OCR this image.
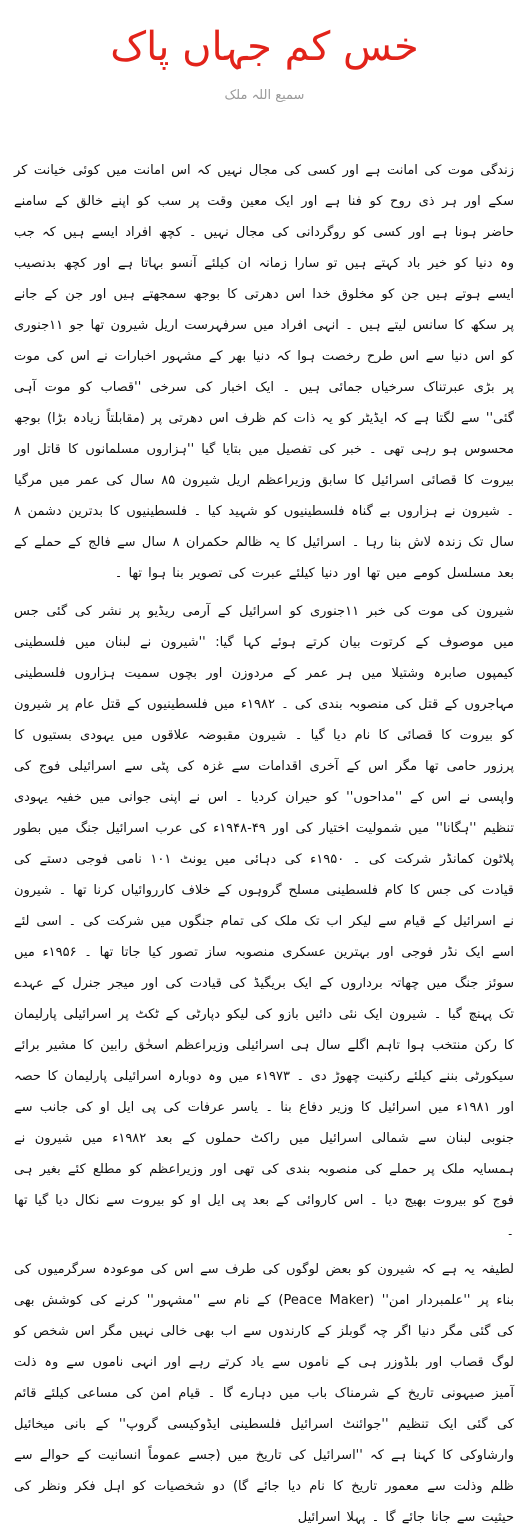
خس کم جہاں پاک
سمیع اللہ ملک

زندگی موت کی امانت ہے اور کسی کی مجال نہیں کہ اس امانت میں کوئی خیانت کر سکے اور ہر ذی روح کو فنا ہے اور ایک معین وقت پر سب کو اپنے خالق کے سامنے حاضر ہونا ہے اور کسی کو روگردانی کی مجال نہیں ۔ کچھ افراد ایسے ہیں کہ جب وہ دنیا کو خیر باد کہتے ہیں تو سارا زمانہ ان کیلئے آنسو بہاتا ہے اور کچھ بدنصیب ایسے ہوتے ہیں جن کو مخلوق خدا اس دھرتی کا بوجھ سمجھتے ہیں اور جن کے جانے پر سکھ کا سانس لیتے ہیں ۔ انہی افراد میں سرفہرست اریل شیرون تھا جو ۱۱جنوری کو اس دنیا سے اس طرح رخصت ہوا کہ دنیا بھر کے مشہور اخبارات نے اس کی موت پر بڑی عبرتناک سرخیاں جمائی ہیں ۔ ایک اخبار کی سرخی ''قصاب کو موت آہی گئی'' سے لگتا ہے کہ ایڈیٹر کو یہ ذات کم ظرف اس دھرتی پر (مقابلتاً زیادہ بڑا) بوجھ محسوس ہو رہی تھی ۔ خبر کی تفصیل میں بتایا گیا ''ہزاروں مسلمانوں کا قاتل اور بیروت کا قصائی اسرائیل کا سابق وزیراعظم اریل شیرون ۸۵ سال کی عمر میں مرگیا ۔ شیرون نے ہزاروں بے گناہ فلسطینیوں کو شہید کیا ۔ فلسطینیوں کا بدترین دشمن ۸ سال تک زندہ لاش بنا رہا ۔ اسرائیل کا یہ ظالم حکمران ۸ سال سے فالج کے حملے کے بعد مسلسل کومے میں تھا اور دنیا کیلئے عبرت کی تصویر بنا ہوا تھا ۔

شیرون کی موت کی خبر ۱۱جنوری کو اسرائیل کے آرمی ریڈیو پر نشر کی گئی جس میں موصوف کے کرتوت بیان کرتے ہوئے کہا گیا: ''شیرون نے لبنان میں فلسطینی کیمپوں صابرہ وشتیلا میں ہر عمر کے مردوزن اور بچوں سمیت ہزاروں فلسطینی مہاجروں کے قتل کی منصوبہ بندی کی ۔ ۱۹۸۲ء میں فلسطینیوں کے قتل عام پر شیرون کو بیروت کا قصائی کا نام دیا گیا ۔ شیرون مقبوضہ علاقوں میں یہودی بستیوں کا پرزور حامی تھا مگر اس کے آخری اقدامات سے غزہ کی پٹی سے اسرائیلی فوج کی واپسی نے اس کے ''مداحوں'' کو حیران کردیا ۔ اس نے اپنی جوانی میں خفیہ یہودی تنظیم ''ہگانا'' میں شمولیت اختیار کی اور ۴۹-۱۹۴۸ء کی عرب اسرائیل جنگ میں بطور پلاٹون کمانڈر شرکت کی ۔ ۱۹۵۰ء کی دہائی میں یونٹ ۱۰۱ نامی فوجی دستے کی قیادت کی جس کا کام فلسطینی مسلح گروہوں کے خلاف کارروائیاں کرنا تھا ۔ شیرون نے اسرائیل کے قیام سے لیکر اب تک ملک کی تمام جنگوں میں شرکت کی ۔ اسی لئے اسے ایک نڈر فوجی اور بہترین عسکری منصوبہ ساز تصور کیا جاتا تھا ۔ ۱۹۵۶ء میں سوئز جنگ میں چھاتہ برداروں کے ایک بریگیڈ کی قیادت کی اور میجر جنرل کے عہدے تک پہنچ گیا ۔ شیرون ایک نئی دائیں بازو کی لیکو دپارٹی کے ٹکٹ پر اسرائیلی پارلیمان کا رکن منتخب ہوا تاہم اگلے سال ہی اسرائیلی وزیراعظم اسحٰق رابین کا مشیر برائے سیکورٹی بننے کیلئے رکنیت چھوڑ دی ۔ ۱۹۷۳ء میں وہ دوبارہ اسرائیلی پارلیمان کا حصہ اور ۱۹۸۱ء میں اسرائیل کا وزیر دفاع بنا ۔ یاسر عرفات کی پی ایل او کی جانب سے جنوبی لبنان سے شمالی اسرائیل میں راکٹ حملوں کے بعد ۱۹۸۲ء میں شیرون نے ہمسایہ ملک پر حملے کی منصوبہ بندی کی تھی اور وزیراعظم کو مطلع کئے بغیر ہی فوج کو بیروت بھیج دیا ۔ اس کاروائی کے بعد پی ایل او کو بیروت سے نکال دیا گیا تھا ۔

لطیفہ یہ ہے کہ شیرون کو بعض لوگوں کی طرف سے اس کی موعودہ سرگرمیوں کی بناء پر ''علمبردار امن'' (Peace Maker) کے نام سے ''مشہور'' کرنے کی کوشش بھی کی گئی مگر دنیا اگر چہ گوبلز کے کارندوں سے اب بھی خالی نہیں مگر اس شخص کو لوگ قصاب اور بلڈوزر ہی کے ناموں سے یاد کرتے رہے اور انہی ناموں سے وہ ذلت آمیز صیہونی تاریخ کے شرمناک باب میں دہارے گا ۔ قیام امن کی مساعی کیلئے قائم کی گئی ایک تنظیم ''جوائنٹ اسرائیل فلسطینی ایڈوکیسی گروپ'' کے بانی میخائیل وارشاوکی کا کہنا ہے کہ ''اسرائیل کی تاریخ میں (جسے عموماً انسانیت کے حوالے سے ظلم وذلت سے معمور تاریخ کا نام دیا جائے گا) دو شخصیات کو اہل فکر ونظر کی حیثیت سے جانا جائے گا ۔ پہلا اسرائیل
